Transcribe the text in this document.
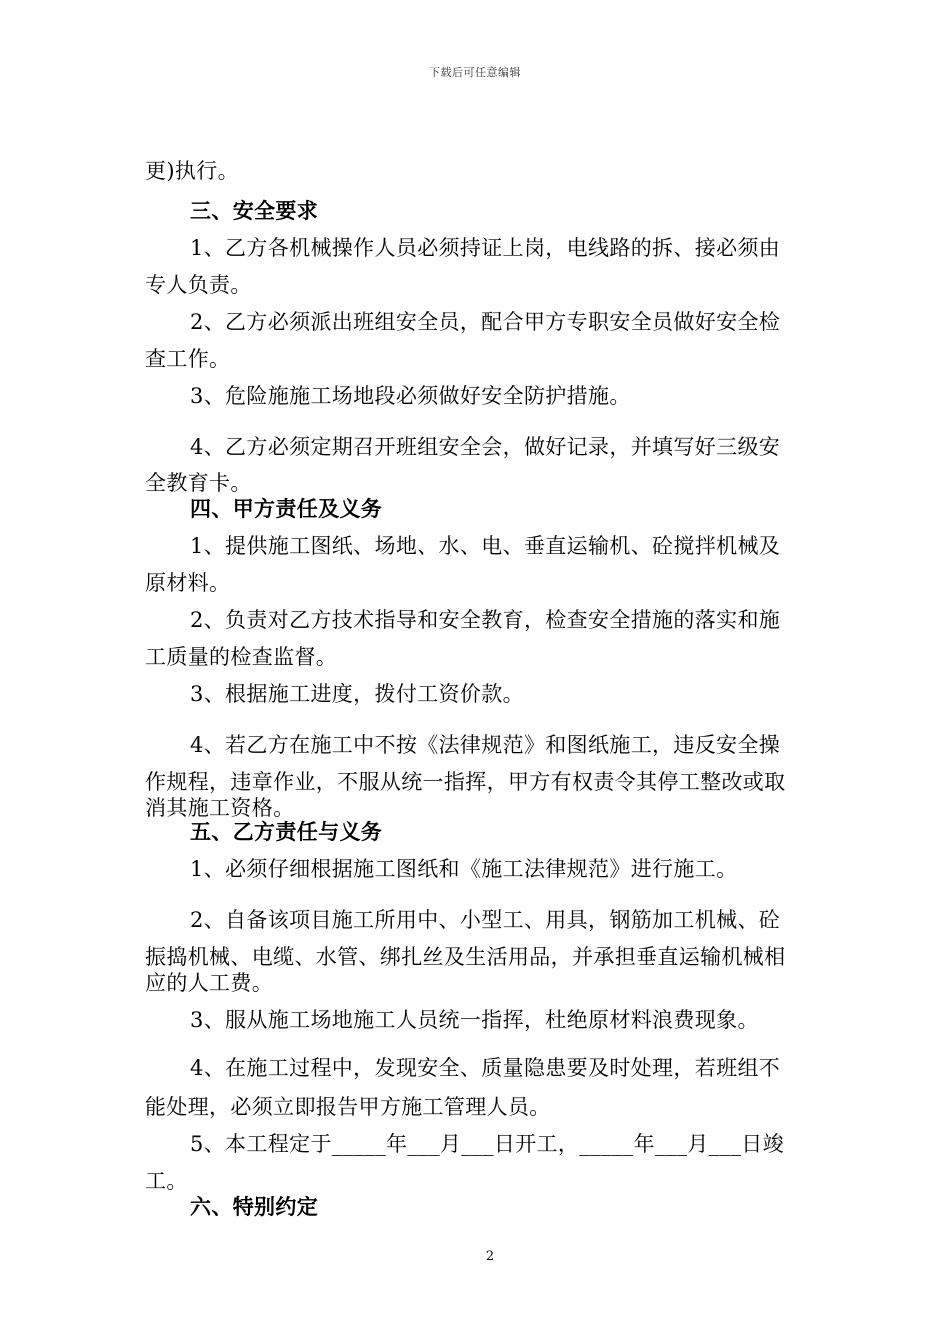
下载后可任意编辑
更)执行。
三、安全要求
1、乙方各机械操作人员必须持证上岗，电线路的拆、接必须由
专人负责。
2、乙方必须派出班组安全员，配合甲方专职安全员做好安全检
查工作。
3、危险施施工场地段必须做好安全防护措施。
4、乙方必须定期召开班组安全会，做好记录，并填写好三级安
全教育卡。
四、甲方责任及义务
1、提供施工图纸、场地、水、电、垂直运输机、砼搅拌机械及
原材料。
2、负责对乙方技术指导和安全教育，检查安全措施的落实和施
工质量的检查监督。
3、根据施工进度，拨付工资价款。
4、若乙方在施工中不按《法律规范》和图纸施工，违反安全操
作规程，违章作业，不服从统一指挥，甲方有权责令其停工整改或取
消其施工资格。
五、乙方责任与义务
1、必须仔细根据施工图纸和《施工法律规范》进行施工。
2、自备该项目施工所用中、小型工、用具，钢筋加工机械、砼
振捣机械、电缆、水管、绑扎丝及生活用品，并承担垂直运输机械相
应的人工费。
3、服从施工场地施工人员统一指挥，杜绝原材料浪费现象。
4、在施工过程中，发现安全、质量隐患要及时处理，若班组不
能处理，必须立即报告甲方施工管理人员。
5、本工程定于_____年___月___日开工，_____年___月___日竣
工。
六、特别约定
2
